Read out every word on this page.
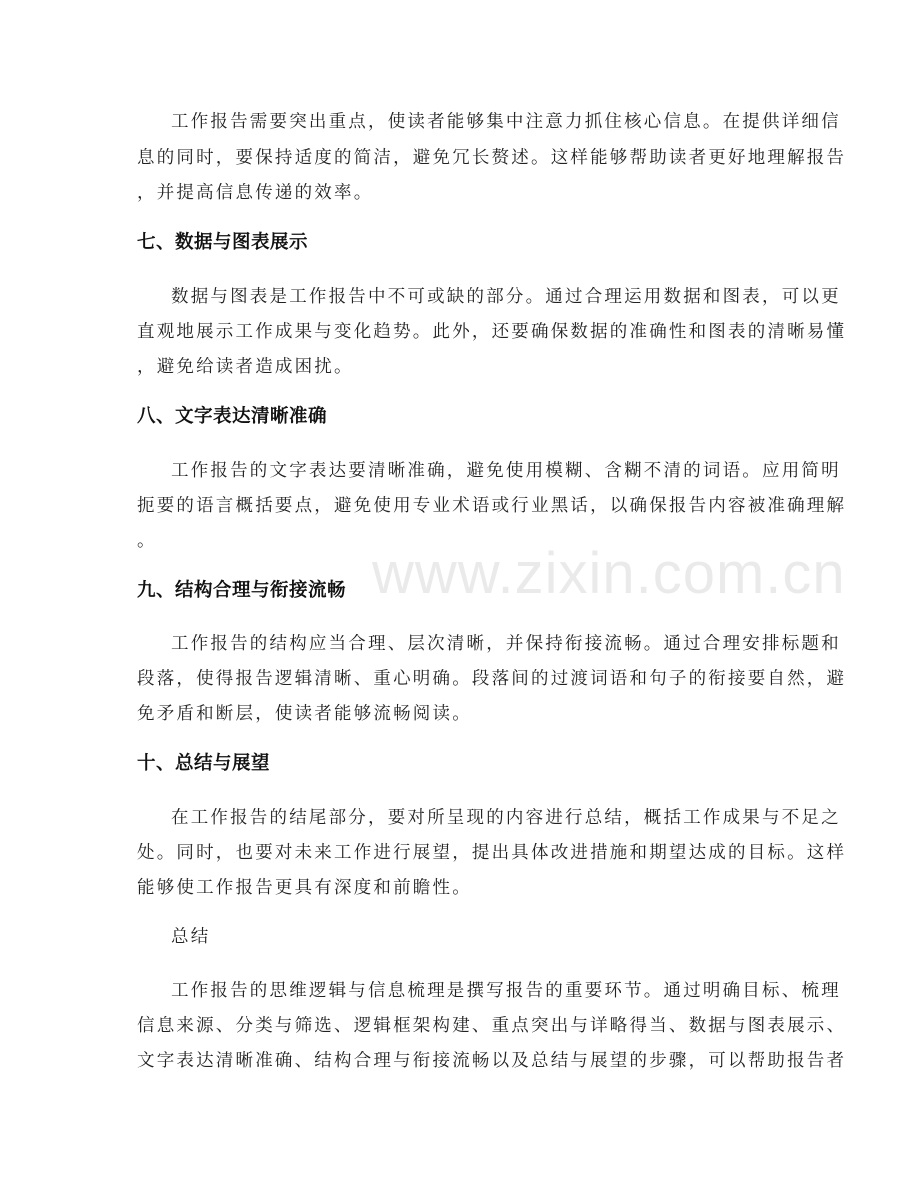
www.zixin.com.cn
工作报告需要突出重点，使读者能够集中注意力抓住核心信息。在提供详细信
息的同时，要保持适度的简洁，避免冗长赘述。这样能够帮助读者更好地理解报告
，并提高信息传递的效率。
七、数据与图表展示
数据与图表是工作报告中不可或缺的部分。通过合理运用数据和图表，可以更
直观地展示工作成果与变化趋势。此外，还要确保数据的准确性和图表的清晰易懂
，避免给读者造成困扰。
八、文字表达清晰准确
工作报告的文字表达要清晰准确，避免使用模糊、含糊不清的词语。应用简明
扼要的语言概括要点，避免使用专业术语或行业黑话，以确保报告内容被准确理解
。
九、结构合理与衔接流畅
工作报告的结构应当合理、层次清晰，并保持衔接流畅。通过合理安排标题和
段落，使得报告逻辑清晰、重心明确。段落间的过渡词语和句子的衔接要自然，避
免矛盾和断层，使读者能够流畅阅读。
十、总结与展望
在工作报告的结尾部分，要对所呈现的内容进行总结，概括工作成果与不足之
处。同时，也要对未来工作进行展望，提出具体改进措施和期望达成的目标。这样
能够使工作报告更具有深度和前瞻性。
总结
工作报告的思维逻辑与信息梳理是撰写报告的重要环节。通过明确目标、梳理
信息来源、分类与筛选、逻辑框架构建、重点突出与详略得当、数据与图表展示、
文字表达清晰准确、结构合理与衔接流畅以及总结与展望的步骤，可以帮助报告者
